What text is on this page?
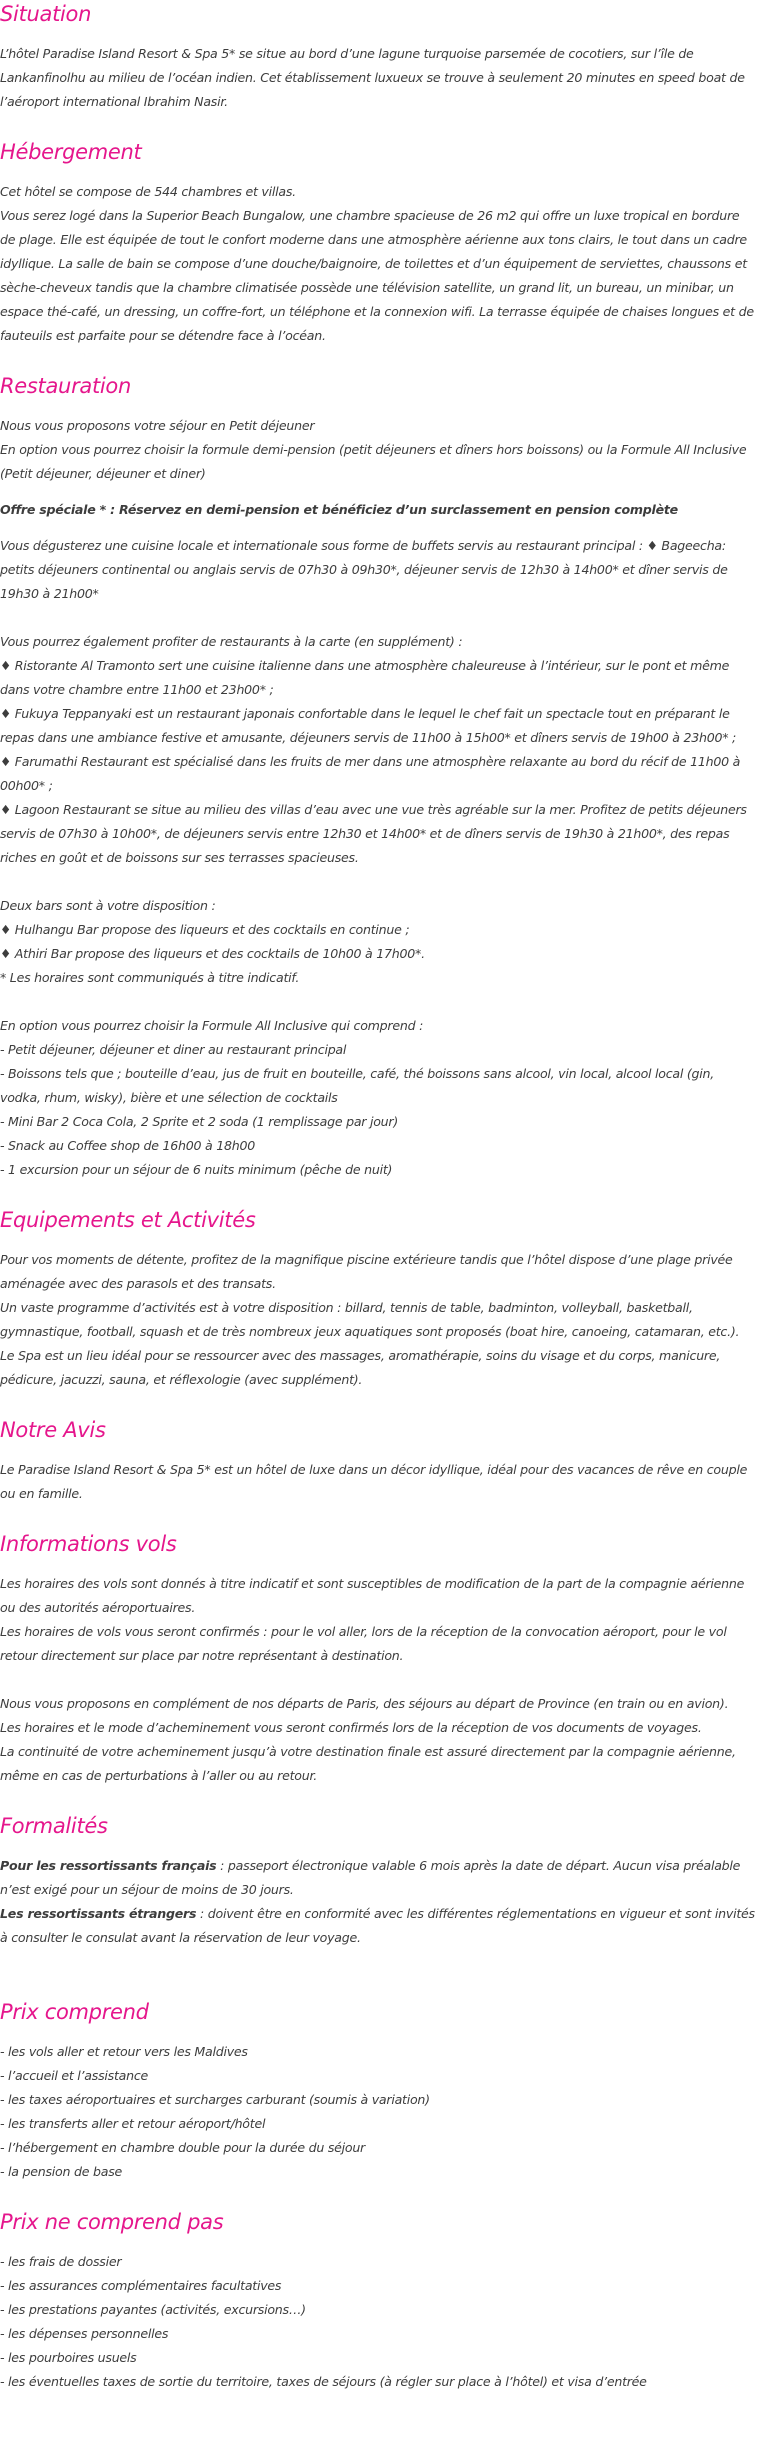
Situation

L’hôtel Paradise Island Resort & Spa 5* se situe au bord d’une lagune turquoise parsemée de cocotiers, sur l’île de Lankanfinolhu au milieu de l’océan indien. Cet établissement luxueux se trouve à seulement 20 minutes en speed boat de l’aéroport international Ibrahim Nasir.

Hébergement

Cet hôtel se compose de 544 chambres et villas.

Vous serez logé dans la Superior Beach Bungalow, une chambre spacieuse de 26 m2 qui offre un luxe tropical en bordure de plage. Elle est équipée de tout le confort moderne dans une atmosphère aérienne aux tons clairs, le tout dans un cadre idyllique. La salle de bain se compose d’une douche/baignoire, de toilettes et d’un équipement de serviettes, chaussons et sèche-cheveux tandis que la chambre climatisée possède une télévision satellite, un grand lit, un bureau, un minibar, un espace thé-café, un dressing, un coffre-fort, un téléphone et la connexion wifi. La terrasse équipée de chaises longues et de fauteuils est parfaite pour se détendre face à l’océan.

Restauration

Nous vous proposons votre séjour en Petit déjeuner

En option vous pourrez choisir la formule demi-pension (petit déjeuners et dîners hors boissons) ou la Formule All Inclusive (Petit déjeuner, déjeuner et diner)

Offre spéciale * : Réservez en demi-pension et bénéficiez d’un surclassement en pension complète

Vous dégusterez une cuisine locale et internationale sous forme de buffets servis au restaurant principal : ♦ Bageecha: petits déjeuners continental ou anglais servis de 07h30 à 09h30*, déjeuner servis de 12h30 à 14h00* et dîner servis de 19h30 à 21h00*

Vous pourrez également profiter de restaurants à la carte (en supplément) :

♦ Ristorante Al Tramonto sert une cuisine italienne dans une atmosphère chaleureuse à l’intérieur, sur le pont et même dans votre chambre entre 11h00 et 23h00* ;

♦ Fukuya Teppanyaki est un restaurant japonais confortable dans le lequel le chef fait un spectacle tout en préparant le repas dans une ambiance festive et amusante, déjeuners servis de 11h00 à 15h00* et dîners servis de 19h00 à 23h00* ;

♦ Farumathi Restaurant est spécialisé dans les fruits de mer dans une atmosphère relaxante au bord du récif de 11h00 à 00h00* ;

♦ Lagoon Restaurant se situe au milieu des villas d’eau avec une vue très agréable sur la mer. Profitez de petits déjeuners servis de 07h30 à 10h00*, de déjeuners servis entre 12h30 et 14h00* et de dîners servis de 19h30 à 21h00*, des repas riches en goût et de boissons sur ses terrasses spacieuses.

Deux bars sont à votre disposition :

♦ Hulhangu Bar propose des liqueurs et des cocktails en continue ;

♦ Athiri Bar propose des liqueurs et des cocktails de 10h00 à 17h00*.

* Les horaires sont communiqués à titre indicatif.

En option vous pourrez choisir la Formule All Inclusive qui comprend :

- Petit déjeuner, déjeuner et diner au restaurant principal

- Boissons tels que ; bouteille d’eau, jus de fruit en bouteille, café, thé boissons sans alcool, vin local, alcool local (gin, vodka, rhum, wisky), bière et une sélection de cocktails

- Mini Bar 2 Coca Cola, 2 Sprite et 2 soda (1 remplissage par jour)

- Snack au Coffee shop de 16h00 à 18h00

- 1 excursion pour un séjour de 6 nuits minimum (pêche de nuit)

Equipements et Activités

Pour vos moments de détente, profitez de la magnifique piscine extérieure tandis que l’hôtel dispose d’une plage privée aménagée avec des parasols et des transats.

Un vaste programme d’activités est à votre disposition : billard, tennis de table, badminton, volleyball, basketball, gymnastique, football, squash et de très nombreux jeux aquatiques sont proposés (boat hire, canoeing, catamaran, etc.).

Le Spa est un lieu idéal pour se ressourcer avec des massages, aromathérapie, soins du visage et du corps, manicure, pédicure, jacuzzi, sauna, et réflexologie (avec supplément).

Notre Avis

Le Paradise Island Resort & Spa 5* est un hôtel de luxe dans un décor idyllique, idéal pour des vacances de rêve en couple ou en famille.

Informations vols

Les horaires des vols sont donnés à titre indicatif et sont susceptibles de modification de la part de la compagnie aérienne ou des autorités aéroportuaires.

Les horaires de vols vous seront confirmés : pour le vol aller, lors de la réception de la convocation aéroport, pour le vol retour directement sur place par notre représentant à destination.

Nous vous proposons en complément de nos départs de Paris, des séjours au départ de Province (en train ou en avion).

Les horaires et le mode d’acheminement vous seront confirmés lors de la réception de vos documents de voyages.

La continuité de votre acheminement jusqu’à votre destination finale est assuré directement par la compagnie aérienne, même en cas de perturbations à l’aller ou au retour.

Formalités

Pour les ressortissants français : passeport électronique valable 6 mois après la date de départ. Aucun visa préalable n’est exigé pour un séjour de moins de 30 jours.

Les ressortissants étrangers : doivent être en conformité avec les différentes réglementations en vigueur et sont invités à consulter le consulat avant la réservation de leur voyage.

Prix comprend
- les vols aller et retour vers les Maldives
- l’accueil et l’assistance
- les taxes aéroportuaires et surcharges carburant (soumis à variation)
- les transferts aller et retour aéroport/hôtel
- l’hébergement en chambre double pour la durée du séjour
- la pension de base
Prix ne comprend pas
- les frais de dossier
- les assurances complémentaires facultatives
- les prestations payantes (activités, excursions…)
- les dépenses personnelles
- les pourboires usuels
- les éventuelles taxes de sortie du territoire, taxes de séjours (à régler sur place à l’hôtel) et visa d’entrée
